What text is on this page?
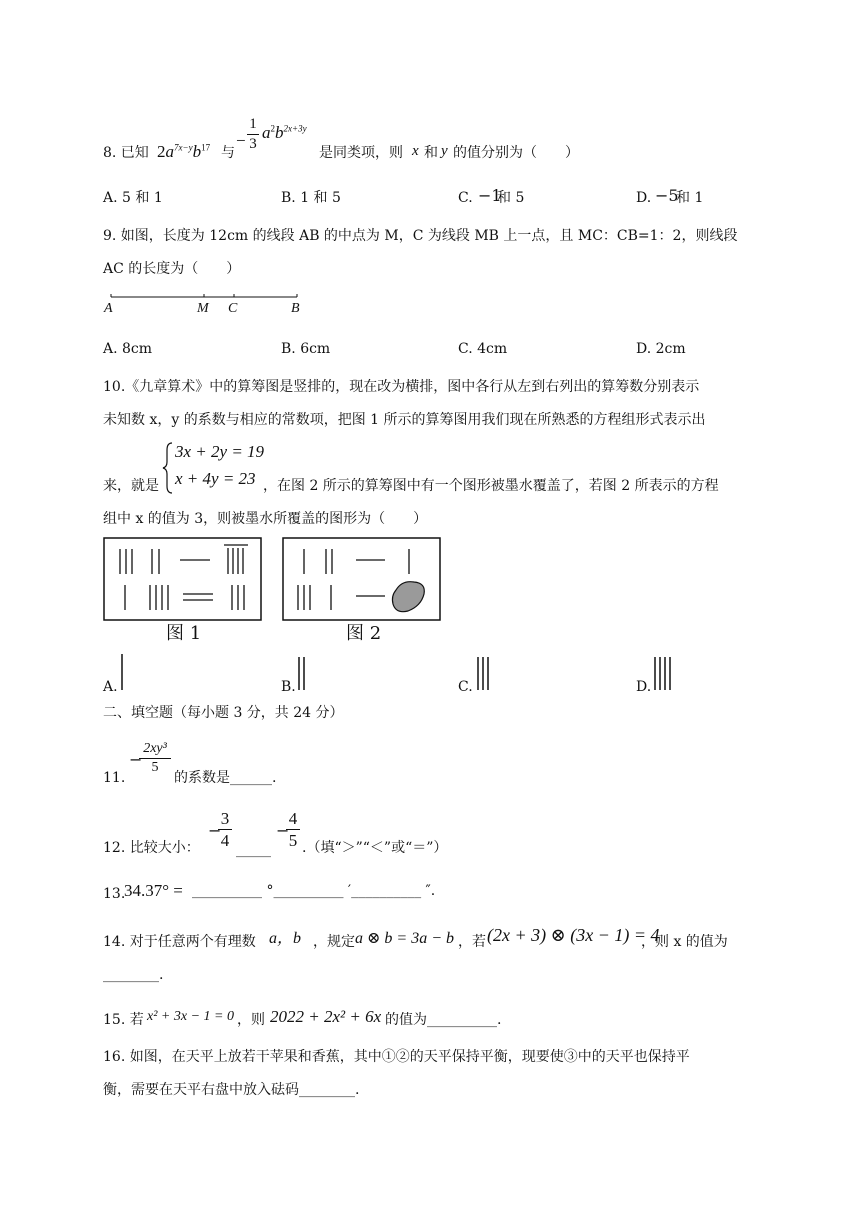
8. 已知 $2a^{7x-y}b^{17}$ 与
−
1
3
$a^2b^{2x+3y}$
是同类项，则 x 和 y 的值分别为（　　）
A. 5 和 1	B. 1 和 5	C. −1
和 5	D. −5
和 1
9. 如图，长度为 12cm 的线段 AB 的中点为 M，C 为线段 MB 上一点，且 MC：CB=1：2，则线段
AC 的长度为（　　）
A	M C	B
A. 8cm	B. 6cm	C. 4cm	D. 2cm
10.《九章算术》中的算筹图是竖排的，现在改为横排，图中各行从左到右列出的算筹数分别表示
未知数 x，y 的系数与相应的常数项，把图 1 所示的算筹图用我们现在所熟悉的方程组形式表示出
来，就是
3x + 2y = 19
x + 4y = 23 ，在图 2 所示的算筹图中有一个图形被墨水覆盖了，若图 2 所表示的方程
组中 x 的值为 3，则被墨水所覆盖的图形为（　　）
图 1	图 2
A.	B.	C.	D.
二、填空题（每小题 3 分，共 24 分）
11.
−
2xy³
5
的系数是______.
12. 比较大小：
−
3
4 _____
−
4
5 .（填“＞”“＜”或“＝”）
13.
34.37° = __________ °__________ ′__________ ″.
14. 对于任意两个有理数 a，b ，规定 a ⊗ b = 3a − b ，若 (2x + 3) ⊗ (3x − 1) = 4
，则 x 的值为
________.
15. 若 x² + 3x − 1 = 0 ，则 2022 + 2x² + 6x 的值为__________.
16. 如图，在天平上放若干苹果和香蕉，其中①②的天平保持平衡，现要使③中的天平也保持平
衡，需要在天平右盘中放入砝码________.
